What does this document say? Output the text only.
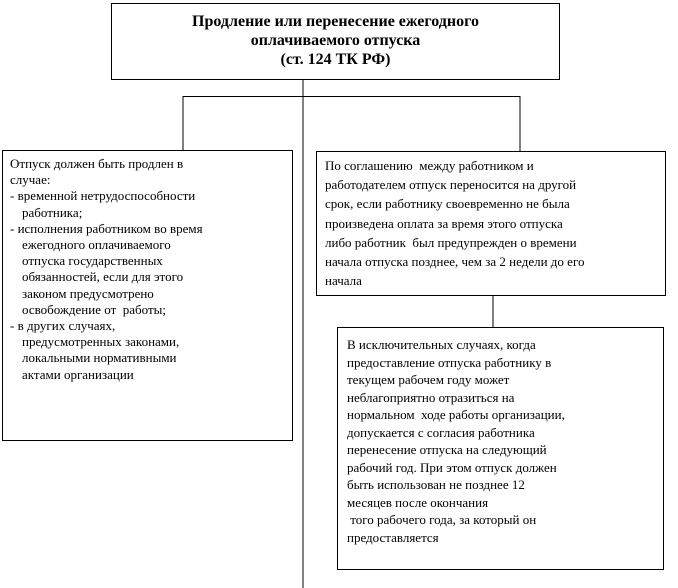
Продление или перенесение ежегодного
оплачиваемого отпуска
(ст. 124 ТК РФ)
Отпуск должен быть продлен в
случае:
- временной нетрудоспособности
работника;
- исполнения работником во время
ежегодного оплачиваемого
отпуска государственных
обязанностей, если для этого
законом предусмотрено
освобождение от  работы;
- в других случаях,
предусмотренных законами,
локальными нормативными
актами организации
По соглашению  между работником и
работодателем отпуск переносится на другой
срок, если работнику своевременно не была
произведена оплата за время этого отпуска
либо работник  был предупрежден о времени
начала отпуска позднее, чем за 2 недели до его
начала
В исключительных случаях, когда
предоставление отпуска работнику в
текущем рабочем году может
неблагоприятно отразиться на
нормальном  ходе работы организации,
допускается с согласия работника
перенесение отпуска на следующий
рабочий год. При этом отпуск должен
быть использован не позднее 12
месяцев после окончания
того рабочего года, за который он
предоставляется
